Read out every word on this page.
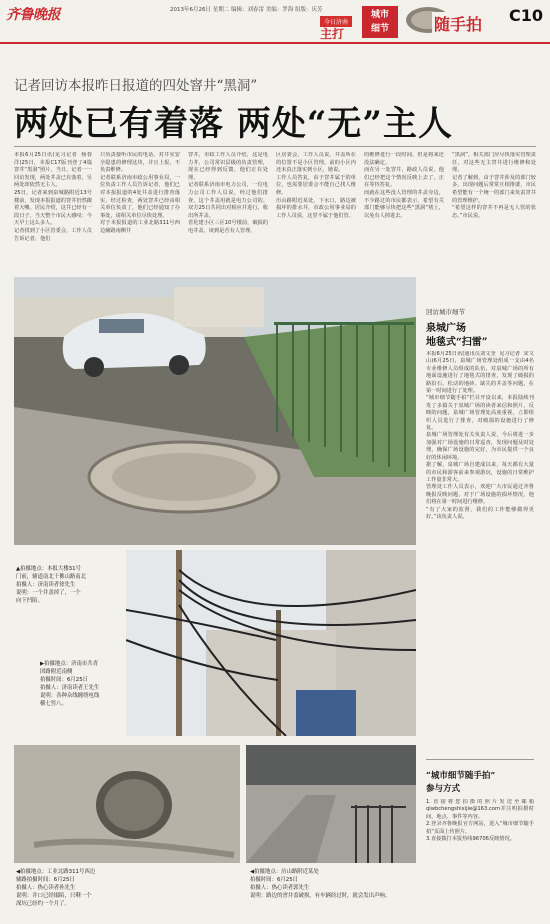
齐鲁晚报	2013年6月26日 星期二 编辑：刘春雷 美编：罗海 组版：庆芳
今日济南
主打
城市
细节	随手拍 C10
记者回访本报昨日报道的四处窨井“黑洞”
两处已有着落 两处“无”主人
本报6月25日讯(见习记者  杨春洋)25日，本报C17版刊登了4篇窨井“黑洞”照片，当日，记者一一回访发现，两处井盖已有落着，另两处却依然无主人。
25日，记者来到泉城路附近13号楼前，发现本报报道的窨井仍然敞着大嘴。居民介绍，这井已经有一段日子，当天整个市民大感叹：今天早上这么多人。
记者找到了小区管委会，工作人员告诉记者，他们
只负责接听市民的电话，对井室安全隐患的修理这块，并且上报，不负责维修。
记者联系济南市政公用事业局，一位负责工作人员告诉记者，他们已对本报报道的4处井盖进行排查落实，经过检查，两处窨井已经由相关单位负责了，他们已经通知了办事处，请相关单位尽快处理。
对于本报报道的工业北路311号西边辅路南侧井
窨井，市政工作人员介绍，这是电力井，公司常识层级的负责管理，现在已经得到反馈，他们正在处理。
记者联系济南市电力公司，一位电力公司工作人员说，经过他们排查，这个井盖用就是电力公司的。双方25日共同出对相应并进行，收出所井盖。
省化建小区三区10号楼前，破损的电井盖，谈到是否有人管理，
区居委会，工作人员说，井盖所在的位置不是小区管理。前的小区内还未真正落实到小区，她说。
工作人员答复，由于窨井属于的单位，也需要居委会不能自己找人维修。
历山路附近某处，下水口，路边被损坏的排水井，市政公用事业局的工作人员说，这里不属于他们管。
的维修进行一段时间，但是将来还没法确定。
而在另一处窨井，路政人员说，他们已经把这个情况反映上去了，正在等待答复。
而就在这些没人管理的井盖旁边，不少路过的市民都表示，希望有关部门能够尽快把这些“黑洞”堵上，以免有人掉进去。
“黑洞”，相关部门应尽快落实管理责任，对这些无主窨井进行维修和处理。
记者了解到，由于窨井涉及的部门较多，出现问题后常常互相推诿，市民希望能有一个统一的部门来负责窨井的管理维护。
“希望这样的窨井不再是无人管的状态。”市民说。
▲拍摄地点：本报大楼31号
门前，辅道南北千佛山路南北
拍摄人：济南读者徐先生
说明：一个井盖掉了，一个
向下凹陷。
▶拍摄地点：济南市共青
团路附近南侧
拍摄时间：6月25日
拍摄人：济南读者王先生
说明：各种杂线缠绕电线
横七竖八。
◀拍摄地点：工业北路311号西边
辅路拍摄时间：6月25日
拍摄人：热心读者孙先生
说明：井口已经塌陷，只剩一个
深坑已经约一个月了。
◀拍摄地点：历山路附近某处
拍摄时间：6月25日
拍摄人：热心读者郭先生
说明：路边的窨井盖破损，有车辆经过时，就会发出声响。
回访城市细节
泉城广场
地毯式“扫雷”
本报6月25日讯(通讯员刘文奎  见习记者  宋文山)6月25日，泉城广场管理处组成一支由4名专业维修人员组成的队伍，对泉城广场的所有地面设施进行了地毯式的排查，发现了破损的路沿石、松动的地砖、缺失的井盖等问题，在第一时间进行了处理。
“城市细节随手拍”栏目开设以来，本报陆续刊发了多篇关于泉城广场的读者来信和照片，反映的问题，泉城广场管理处高度重视，立即组织人员进行了排查，对破损的设施进行了修复。
泉城广场管理处有关负责人说，今后将进一步加强对广场设施的日常巡查，发现问题及时处理，确保广场设施的完好，为市民提供一个良好的休闲环境。
据了解，泉城广场自建成以来，每天都有大量的市民和游客前来参观游玩，设施的日常维护工作量非常大。
管理处工作人员表示，欢迎广大市民通过齐鲁晚报反映问题，对于广场设施的损坏情况，他们将在第一时间进行维修。
“有了大家的监督，我们的工作能够做得更好。”该负责人说。
“城市细节随手拍”
参与方式
1.直接将您拍摄的照片发送至邮箱qlwbchengshixijie@163.com并注明拍摄时间、地点、事件等内容。
2.登录齐鲁晚报官方网站，进入“城市细节随手拍”页面上传照片。
3.直接拨打本报热线96706反映情况。
